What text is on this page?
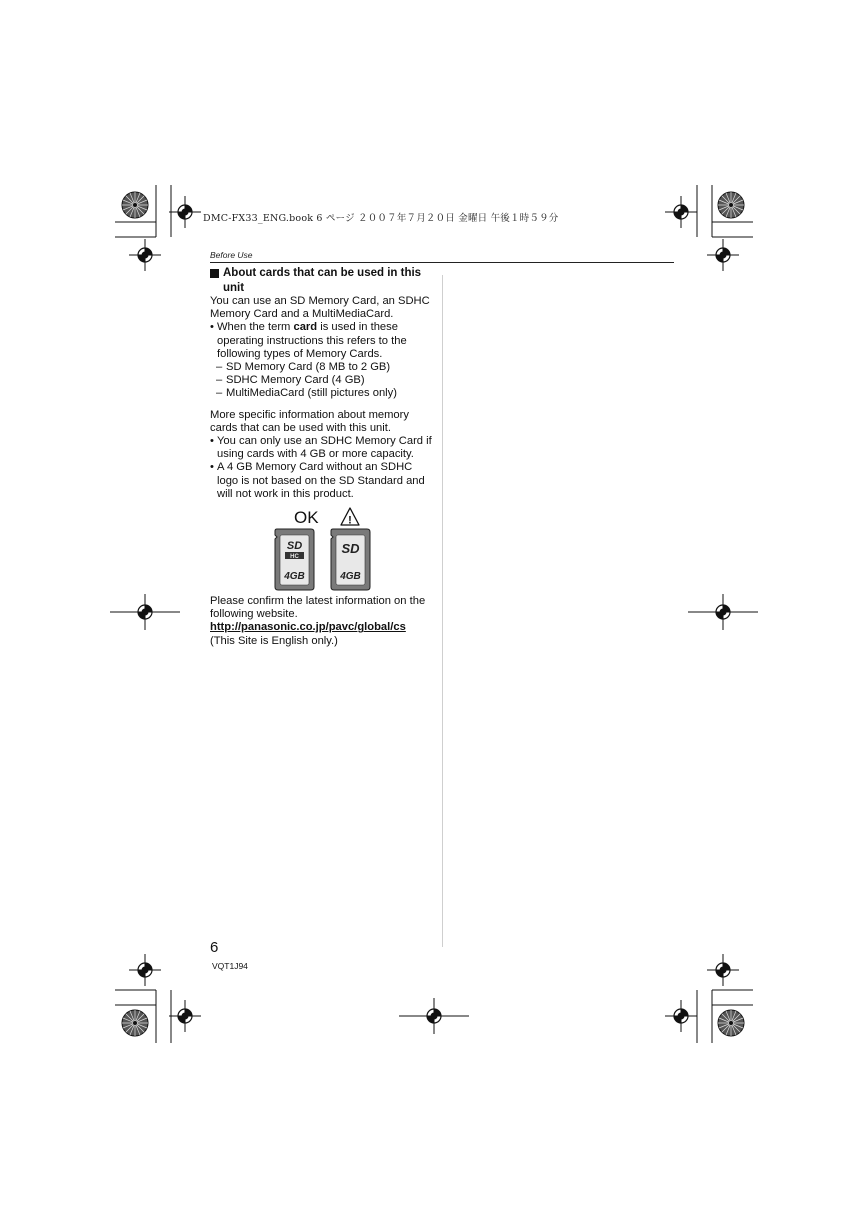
DMC-FX33_ENG.book 6 ページ ２００７年７月２０日 金曜日 午後１時５９分
Before Use
About cards that can be used in this unit

You can use an SD Memory Card, an SDHC Memory Card and a MultiMediaCard.

• When the term card is used in these operating instructions this refers to the following types of Memory Cards.
– SD Memory Card (8 MB to 2 GB)
– SDHC Memory Card (4 GB)
– MultiMediaCard (still pictures only)

More specific information about memory cards that can be used with this unit.

• You can only use an SDHC Memory Card if using cards with 4 GB or more capacity.
• A 4 GB Memory Card without an SDHC logo is not based on the SD Standard and will not work in this product.
OK	!
SD
HC
4GB
SD
4GB

Please confirm the latest information on the following website.

http://panasonic.co.jp/pavc/global/cs

(This Site is English only.)

6
VQT1J94
